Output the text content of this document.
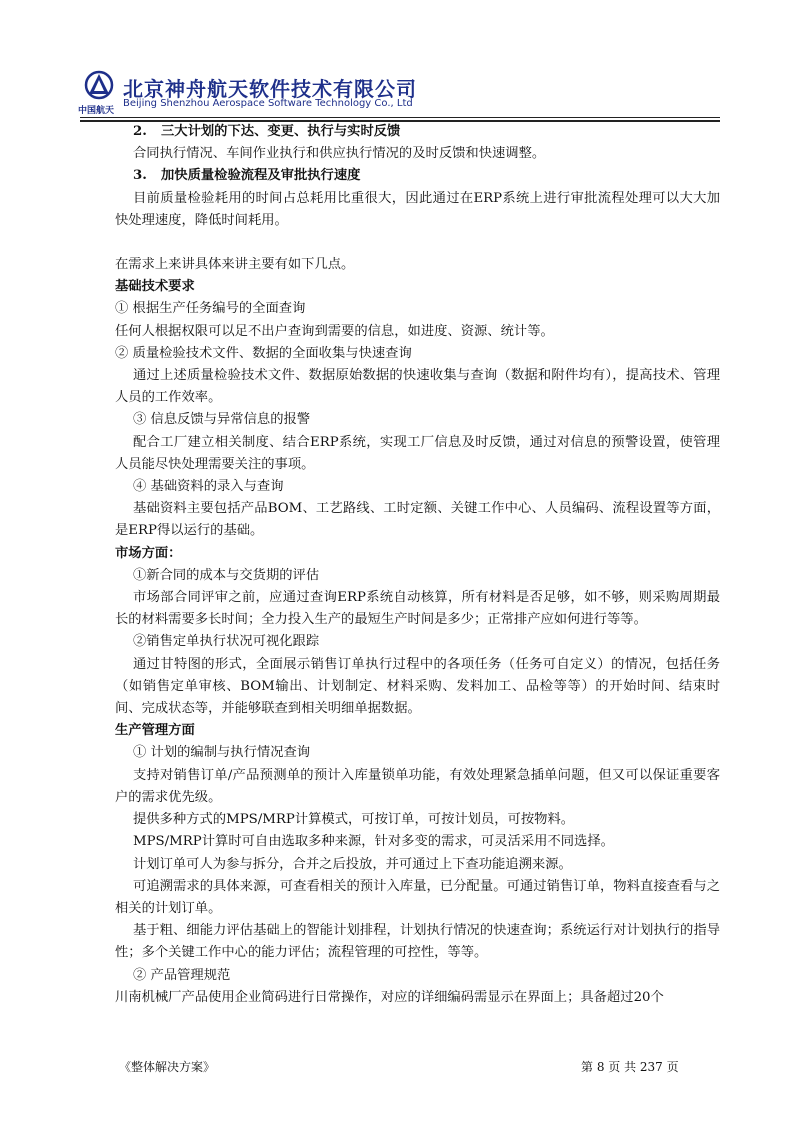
中国航天
北京神舟航天软件技术有限公司
Beijing Shenzhou Aerospace Software Technology Co., Ltd

2. 三大计划的下达、变更、执行与实时反馈

合同执行情况、车间作业执行和供应执行情况的及时反馈和快速调整。

3. 加快质量检验流程及审批执行速度

目前质量检验耗用的时间占总耗用比重很大，因此通过在ERP系统上进行审批流程处理可以大大加快处理速度，降低时间耗用。

在需求上来讲具体来讲主要有如下几点。

基础技术要求

① 根据生产任务编号的全面查询

任何人根据权限可以足不出户查询到需要的信息，如进度、资源、统计等。

② 质量检验技术文件、数据的全面收集与快速查询

通过上述质量检验技术文件、数据原始数据的快速收集与查询（数据和附件均有），提高技术、管理人员的工作效率。

③ 信息反馈与异常信息的报警

配合工厂建立相关制度、结合ERP系统，实现工厂信息及时反馈，通过对信息的预警设置，使管理人员能尽快处理需要关注的事项。

④ 基础资料的录入与查询

基础资料主要包括产品BOM、工艺路线、工时定额、关键工作中心、人员编码、流程设置等方面，是ERP得以运行的基础。

市场方面：

①新合同的成本与交货期的评估

市场部合同评审之前，应通过查询ERP系统自动核算，所有材料是否足够，如不够，则采购周期最长的材料需要多长时间；全力投入生产的最短生产时间是多少；正常排产应如何进行等等。

②销售定单执行状况可视化跟踪

通过甘特图的形式，全面展示销售订单执行过程中的各项任务（任务可自定义）的情况，包括任务（如销售定单审核、BOM输出、计划制定、材料采购、发料加工、品检等等）的开始时间、结束时间、完成状态等，并能够联查到相关明细单据数据。

生产管理方面

① 计划的编制与执行情况查询

支持对销售订单/产品预测单的预计入库量锁单功能，有效处理紧急插单问题，但又可以保证重要客户的需求优先级。

提供多种方式的MPS/MRP计算模式，可按订单，可按计划员，可按物料。

MPS/MRP计算时可自由选取多种来源，针对多变的需求，可灵活采用不同选择。

计划订单可人为参与拆分，合并之后投放，并可通过上下查功能追溯来源。

可追溯需求的具体来源，可查看相关的预计入库量，已分配量。可通过销售订单，物料直接查看与之相关的计划订单。

基于粗、细能力评估基础上的智能计划排程，计划执行情况的快速查询；系统运行对计划执行的指导性；多个关键工作中心的能力评估；流程管理的可控性，等等。

② 产品管理规范

川南机械厂产品使用企业简码进行日常操作，对应的详细编码需显示在界面上；具备超过20个

《整体解决方案》	第 8 页 共 237 页
